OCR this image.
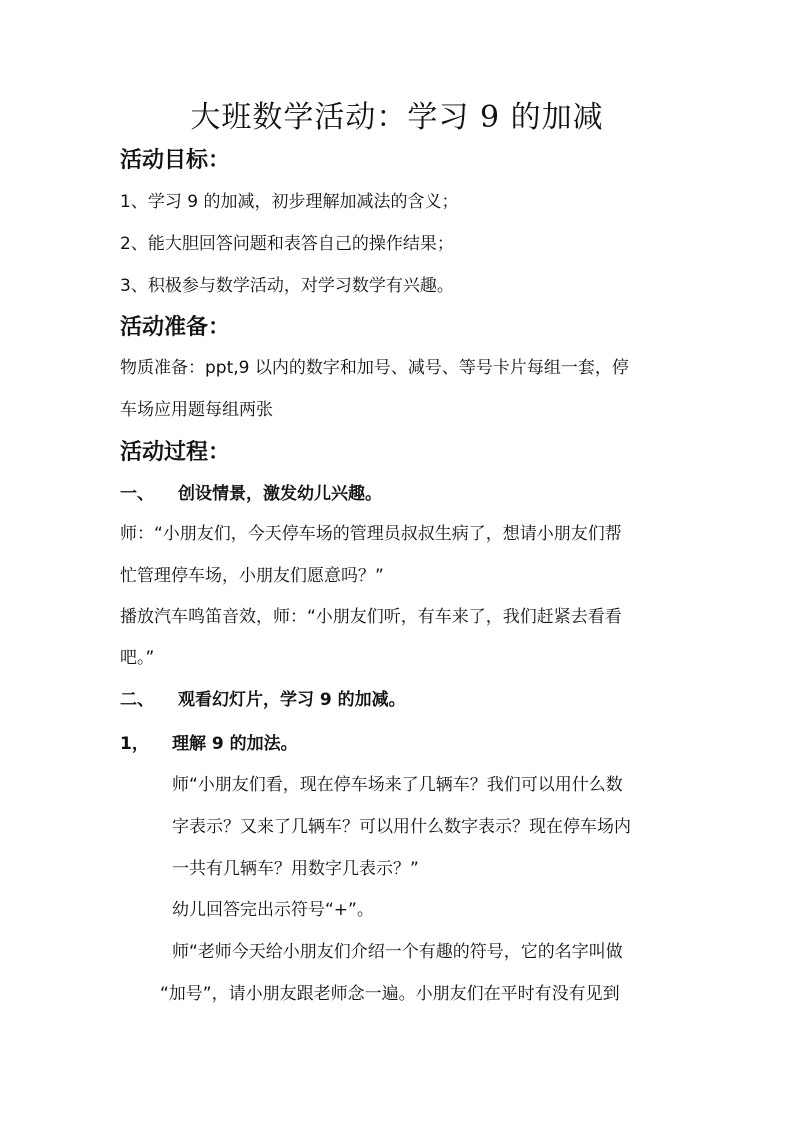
大班数学活动：学习 9 的加减
活动目标：
1、学习 9 的加减，初步理解加减法的含义；
2、能大胆回答问题和表答自己的操作结果；
3、积极参与数学活动，对学习数学有兴趣。
活动准备：
物质准备：ppt,9 以内的数字和加号、减号、等号卡片每组一套，停
车场应用题每组两张
活动过程：
一、 创设情景，激发幼儿兴趣。
师：“小朋友们，今天停车场的管理员叔叔生病了，想请小朋友们帮
忙管理停车场，小朋友们愿意吗？”
播放汽车鸣笛音效，师：“小朋友们听，有车来了，我们赶紧去看看
吧。”
二、 观看幻灯片，学习 9 的加减。
1， 理解 9 的加法。
师“小朋友们看，现在停车场来了几辆车？我们可以用什么数
字表示？又来了几辆车？可以用什么数字表示？现在停车场内
一共有几辆车？用数字几表示？”
幼儿回答完出示符号“+”。
师“老师今天给小朋友们介绍一个有趣的符号，它的名字叫做
“加号”，请小朋友跟老师念一遍。小朋友们在平时有没有见到
